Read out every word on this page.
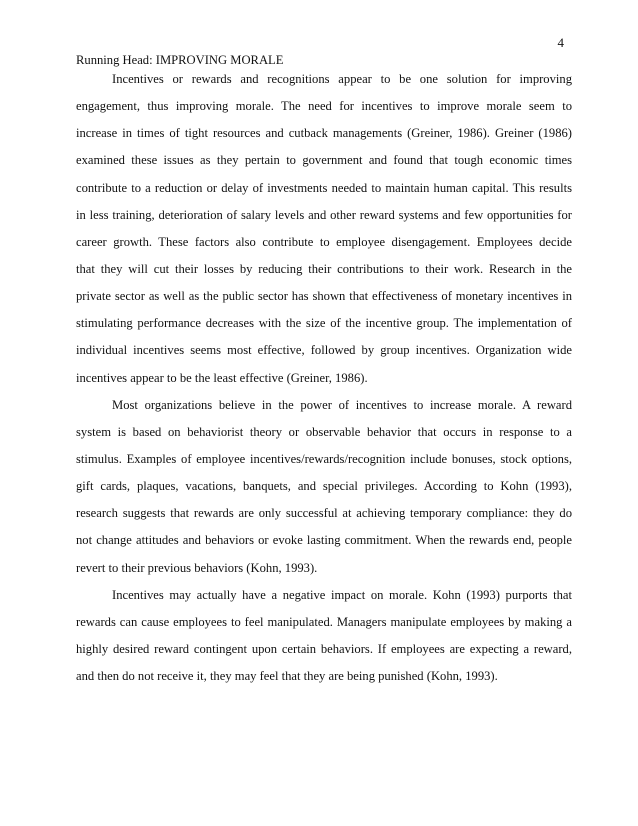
4
Running Head: IMPROVING MORALE
Incentives or rewards and recognitions appear to be one solution for improving
engagement, thus improving morale. The need for incentives to improve morale seem to
increase in times of tight resources and cutback managements (Greiner, 1986). Greiner (1986)
examined these issues as they pertain to government and found that tough economic times
contribute to a reduction or delay of investments needed to maintain human capital. This results
in less training, deterioration of salary levels and other reward systems and few opportunities for
career growth. These factors also contribute to employee disengagement. Employees decide
that they will cut their losses by reducing their contributions to their work. Research in the
private sector as well as the public sector has shown that effectiveness of monetary incentives in
stimulating performance decreases with the size of the incentive group. The implementation of
individual incentives seems most effective, followed by group incentives. Organization wide
incentives appear to be the least effective (Greiner, 1986).
Most organizations believe in the power of incentives to increase morale. A reward
system is based on behaviorist theory or observable behavior that occurs in response to a
stimulus. Examples of employee incentives/rewards/recognition include bonuses, stock options,
gift cards, plaques, vacations, banquets, and special privileges. According to Kohn (1993),
research suggests that rewards are only successful at achieving temporary compliance: they do
not change attitudes and behaviors or evoke lasting commitment. When the rewards end, people
revert to their previous behaviors (Kohn, 1993).
Incentives may actually have a negative impact on morale. Kohn (1993) purports that
rewards can cause employees to feel manipulated. Managers manipulate employees by making a
highly desired reward contingent upon certain behaviors. If employees are expecting a reward,
and then do not receive it, they may feel that they are being punished (Kohn, 1993).
